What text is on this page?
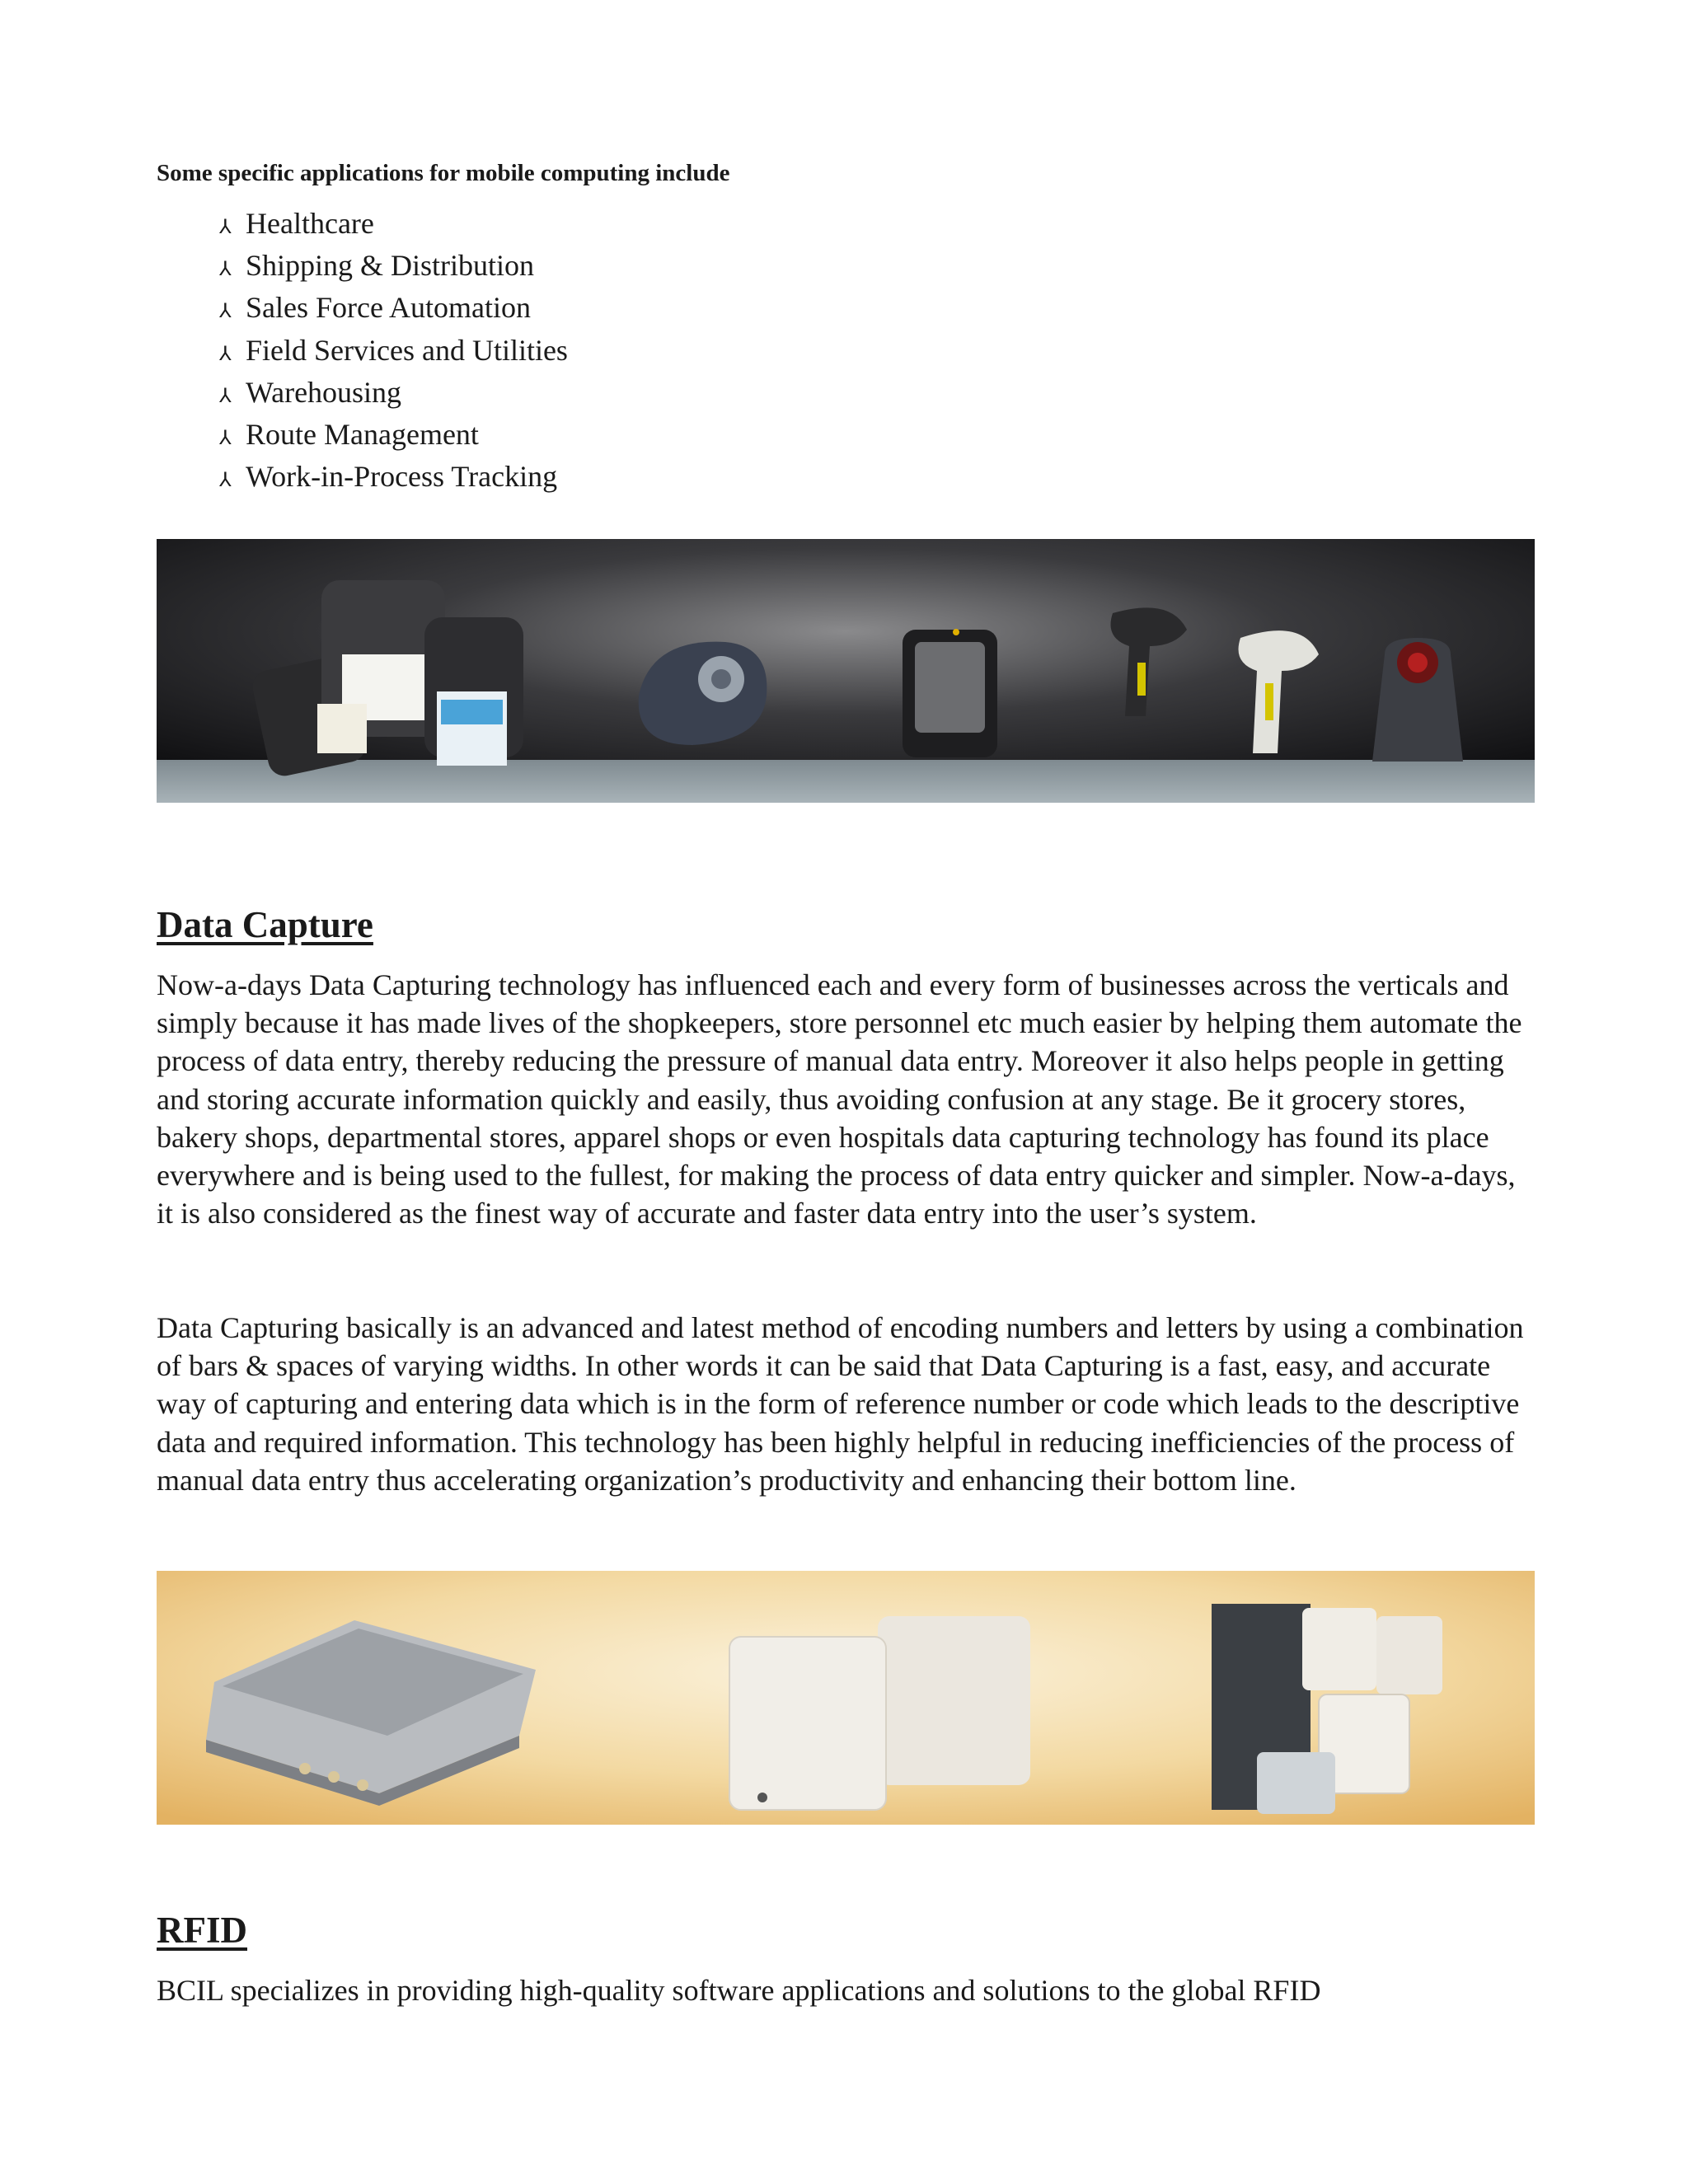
Some specific applications for mobile computing include

⅄ Healthcare
⅄ Shipping & Distribution
⅄ Sales Force Automation
⅄ Field Services and Utilities
⅄ Warehousing
⅄ Route Management
⅄ Work-in-Process Tracking
Data Capture

Now-a-days Data Capturing technology has influenced each and every form of businesses across the verticals and simply because it has made lives of the shopkeepers, store personnel etc much easier by helping them automate the process of data entry, thereby reducing the pressure of manual data entry. Moreover it also helps people in getting and storing accurate information quickly and easily, thus avoiding confusion at any stage. Be it grocery stores, bakery shops, departmental stores, apparel shops or even hospitals data capturing technology has found its place everywhere and is being used to the fullest, for making the process of data entry quicker and simpler. Now-a-days, it is also considered as the finest way of accurate and faster data entry into the user’s system.

Data Capturing basically is an advanced and latest method of encoding numbers and letters by using a combination of bars & spaces of varying widths. In other words it can be said that Data Capturing is a fast, easy, and accurate way of capturing and entering data which is in the form of reference number or code which leads to the descriptive data and required information. This technology has been highly helpful in reducing inefficiencies of the process of manual data entry thus accelerating organization’s productivity and enhancing their bottom line.

RFID

BCIL specializes in providing high-quality software applications and solutions to the global RFID
